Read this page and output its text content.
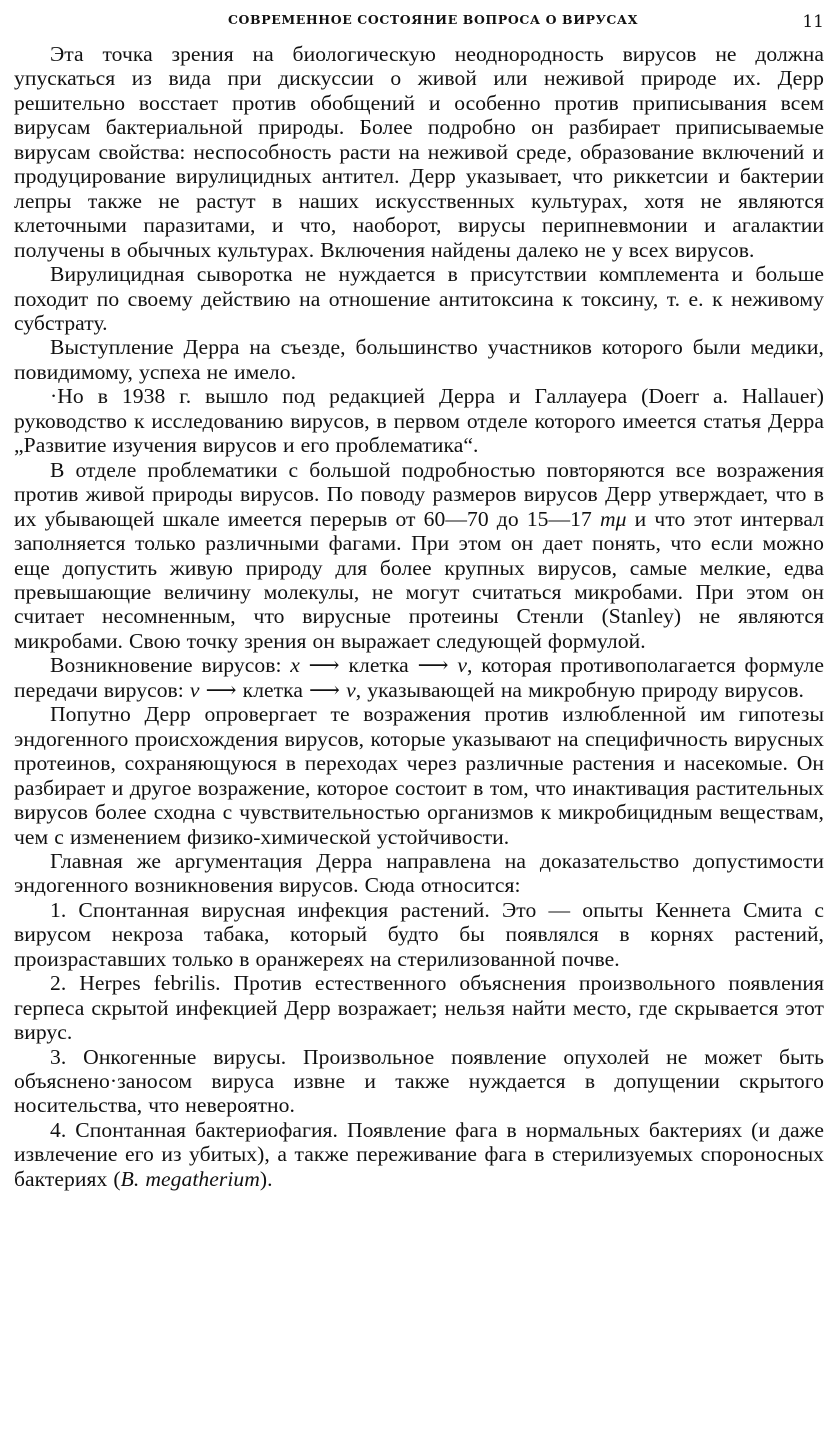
СОВРЕМЕННОЕ СОСТОЯНИЕ ВОПРОСА О ВИРУСАХ	11

Эта точка зрения на биологическую неоднородность вирусов не должна упускаться из вида при дискуссии о живой или неживой природе их. Дерр решительно восстает против обобщений и особенно против приписывания всем вирусам бактериальной природы. Более подробно он разбирает приписываемые вирусам свойства: неспособность расти на неживой среде, образование включений и продуцирование вирулицидных антител. Дерр указывает, что риккетсии и бактерии лепры также не растут в наших искусственных культурах, хотя не являются клеточными паразитами, и что, наоборот, вирусы перипневмонии и агалактии получены в обычных культурах. Включения найдены далеко не у всех вирусов.

Вирулицидная сыворотка не нуждается в присутствии комплемента и больше походит по своему действию на отношение антитоксина к токсину, т. е. к неживому субстрату.

Выступление Дерра на съезде, большинство участников которого были медики, повидимому, успеха не имело.

·Но в 1938 г. вышло под редакцией Дерра и Галлауера (Doerr a. Hallauer) руководство к исследованию вирусов, в первом отделе которого имеется статья Дерра „Развитие изучения вирусов и его проблематика“.

В отделе проблематики с большой подробностью повторяются все возражения против живой природы вирусов. По поводу размеров вирусов Дерр утверждает, что в их убывающей шкале имеется перерыв от 60—70 до 15—17 mμ и что этот интервал заполняется только различными фагами. При этом он дает понять, что если можно еще допустить живую природу для более крупных вирусов, самые мелкие, едва превышающие величину молекулы, не могут считаться микробами. При этом он считает несомненным, что вирусные протеины Стенли (Stanley) не являются микробами. Свою точку зрения он выражает следующей формулой.

Возникновение вирусов: x ⟶ клетка ⟶ v, которая противополагается формуле передачи вирусов: v ⟶ клетка ⟶ v, указывающей на микробную природу вирусов.

Попутно Дерр опровергает те возражения против излюбленной им гипотезы эндогенного происхождения вирусов, которые указывают на специфичность вирусных протеинов, сохраняющуюся в переходах через различные растения и насекомые. Он разбирает и другое возражение, которое состоит в том, что инактивация растительных вирусов более сходна с чувствительностью организмов к микробицидным веществам, чем с изменением физико-химической устойчивости.

Главная же аргументация Дерра направлена на доказательство допустимости эндогенного возникновения вирусов. Сюда относится:

1. Спонтанная вирусная инфекция растений. Это — опыты Кеннета Смита с вирусом некроза табака, который будто бы появлялся в корнях растений, произраставших только в оранжереях на стерилизованной почве.

2. Herpes febrilis. Против естественного объяснения произвольного появления герпеса скрытой инфекцией Дерр возражает; нельзя найти место, где скрывается этот вирус.

3. Онкогенные вирусы. Произвольное появление опухолей не может быть объяснено·заносом вируса извне и также нуждается в допущении скрытого носительства, что невероятно.

4. Спонтанная бактериофагия. Появление фага в нормальных бактериях (и даже извлечение его из убитых), а также переживание фага в стерилизуемых спороносных бактериях (B. megatherium).
